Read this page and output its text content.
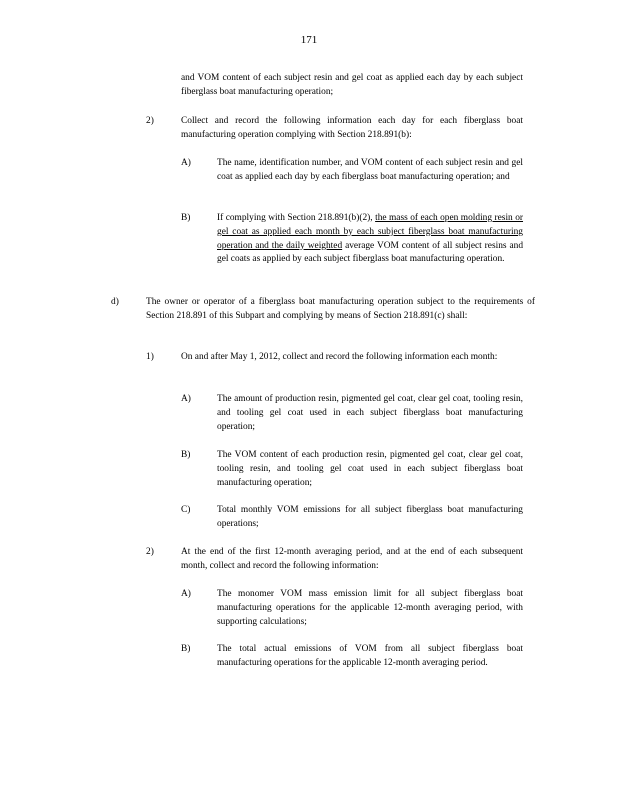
171
and VOM content of each subject resin and gel coat as applied each day by each subject fiberglass boat manufacturing operation;
2)	Collect and record the following information each day for each fiberglass boat manufacturing operation complying with Section 218.891(b):
A)	The name, identification number, and VOM content of each subject resin and gel coat as applied each day by each fiberglass boat manufacturing operation; and
B)	If complying with Section 218.891(b)(2), the mass of each open molding resin or gel coat as applied each month by each subject fiberglass boat manufacturing operation and the daily weighted average VOM content of all subject resins and gel coats as applied by each subject fiberglass boat manufacturing operation.
d)	The owner or operator of a fiberglass boat manufacturing operation subject to the requirements of Section 218.891 of this Subpart and complying by means of Section 218.891(c) shall:
1)	On and after May 1, 2012, collect and record the following information each month:
A)	The amount of production resin, pigmented gel coat, clear gel coat, tooling resin, and tooling gel coat used in each subject fiberglass boat manufacturing operation;
B)	The VOM content of each production resin, pigmented gel coat, clear gel coat, tooling resin, and tooling gel coat used in each subject fiberglass boat manufacturing operation;
C)	Total monthly VOM emissions for all subject fiberglass boat manufacturing operations;
2)	At the end of the first 12-month averaging period, and at the end of each subsequent month, collect and record the following information:
A)	The monomer VOM mass emission limit for all subject fiberglass boat manufacturing operations for the applicable 12-month averaging period, with supporting calculations;
B)	The total actual emissions of VOM from all subject fiberglass boat manufacturing operations for the applicable 12-month averaging period.
